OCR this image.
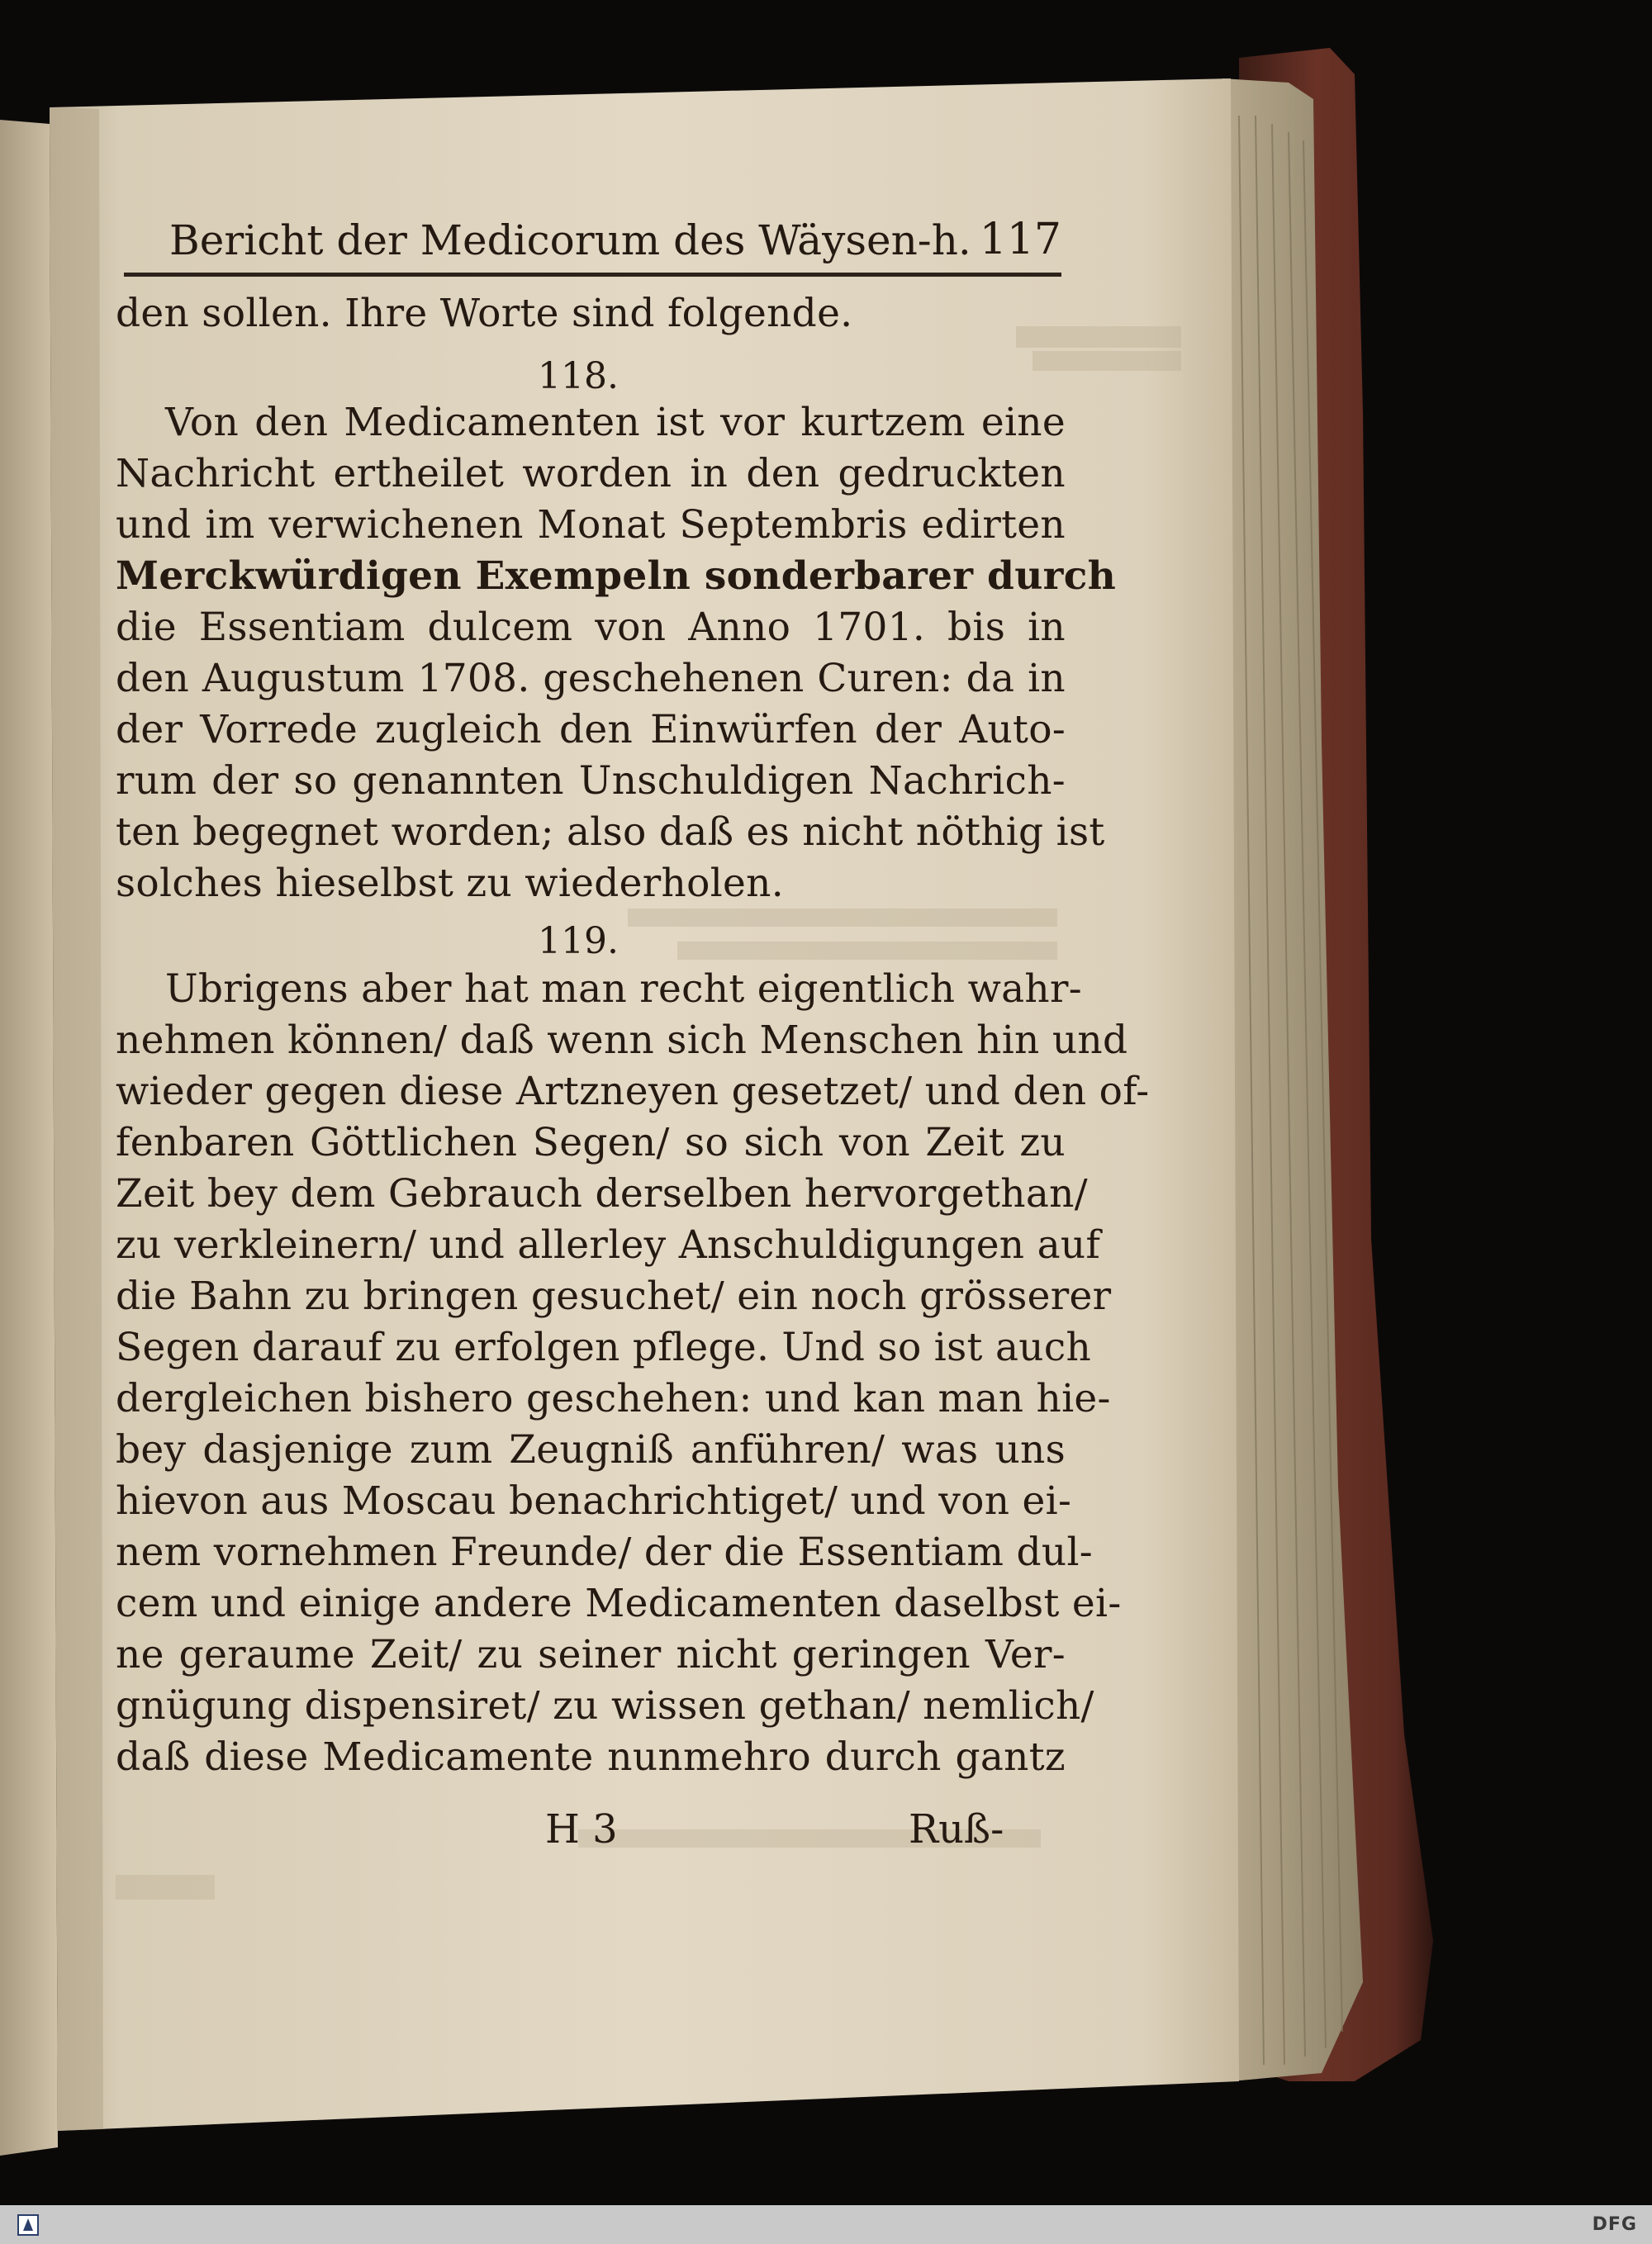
Bericht der Medicorum des Wäysen-h. 117
den sollen. Ihre Worte sind folgende.
118.
Von den Medicamenten ist vor kurtzem eine
Nachricht ertheilet worden in den gedruckten
und im verwichenen Monat Septembris edirten
Merckwürdigen Exempeln sonderbarer durch
die Essentiam dulcem von Anno 1701. bis in
den Augustum 1708. geschehenen Curen: da in
der Vorrede zugleich den Einwürfen der Auto-
rum der so genannten Unschuldigen Nachrich-
ten begegnet worden; also daß es nicht nöthig ist
solches hieselbst zu wiederholen.
119.
Ubrigens aber hat man recht eigentlich wahr-
nehmen können/ daß wenn sich Menschen hin und
wieder gegen diese Artzneyen gesetzet/ und den of-
fenbaren Göttlichen Segen/ so sich von Zeit zu
Zeit bey dem Gebrauch derselben hervorgethan/
zu verkleinern/ und allerley Anschuldigungen auf
die Bahn zu bringen gesuchet/ ein noch grösserer
Segen darauf zu erfolgen pflege. Und so ist auch
dergleichen bishero geschehen: und kan man hie-
bey dasjenige zum Zeugniß anführen/ was uns
hievon aus Moscau benachrichtiget/ und von ei-
nem vornehmen Freunde/ der die Essentiam dul-
cem und einige andere Medicamenten daselbst ei-
ne geraume Zeit/ zu seiner nicht geringen Ver-
gnügung dispensiret/ zu wissen gethan/ nemlich/
daß diese Medicamente nunmehro durch gantz
H 3	Ruß-
DFG
